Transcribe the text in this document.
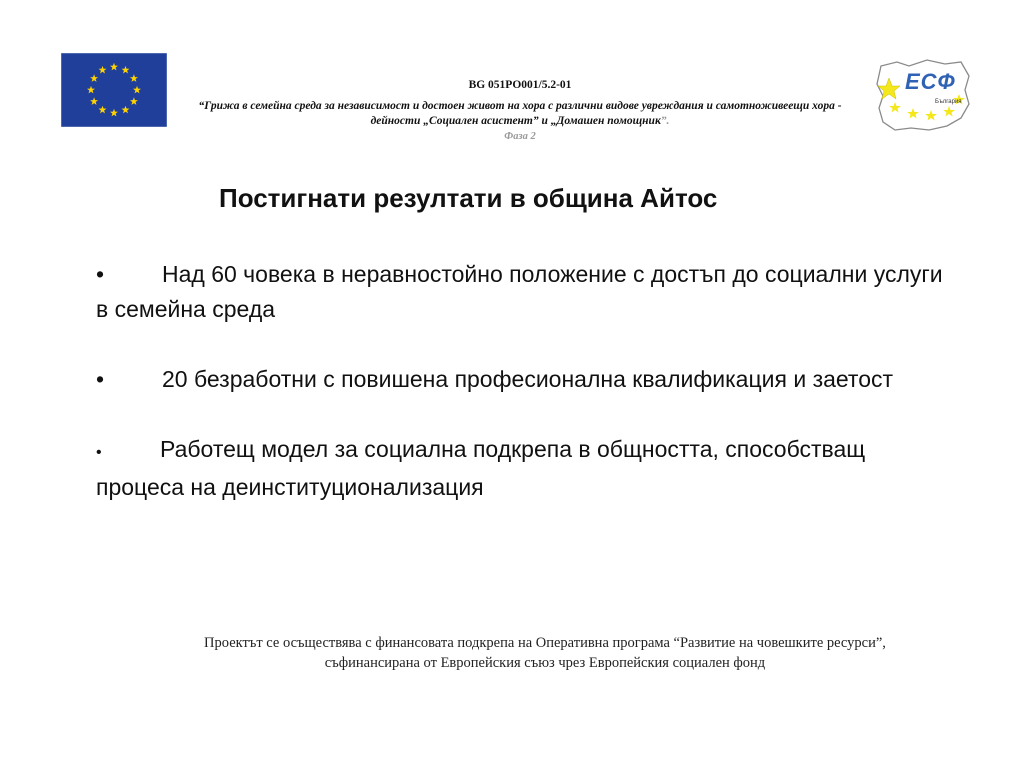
ЕСФ
България
BG 051PO001/5.2-01
“Грижа в семейна среда за независимост и достоен живот на хора с различни видове увреждания и самотноживеещи хора - дейности „Социален асистент” и „Домашен помощник”.
Фаза 2
Постигнати резултати в община Айтос

•	Над 60 човека в неравностойно положение с достъп до социални услуги в семейна среда

•	20 безработни с повишена професионална квалификация и заетост

•	Работещ модел за социална подкрепа в общността, способстващ процеса на деинституционализация

Проектът се осъществява с финансовата подкрепа на Оперативна програма “Развитие на човешките ресурси”,
съфинансирана от Европейския съюз чрез Европейския социален фонд
